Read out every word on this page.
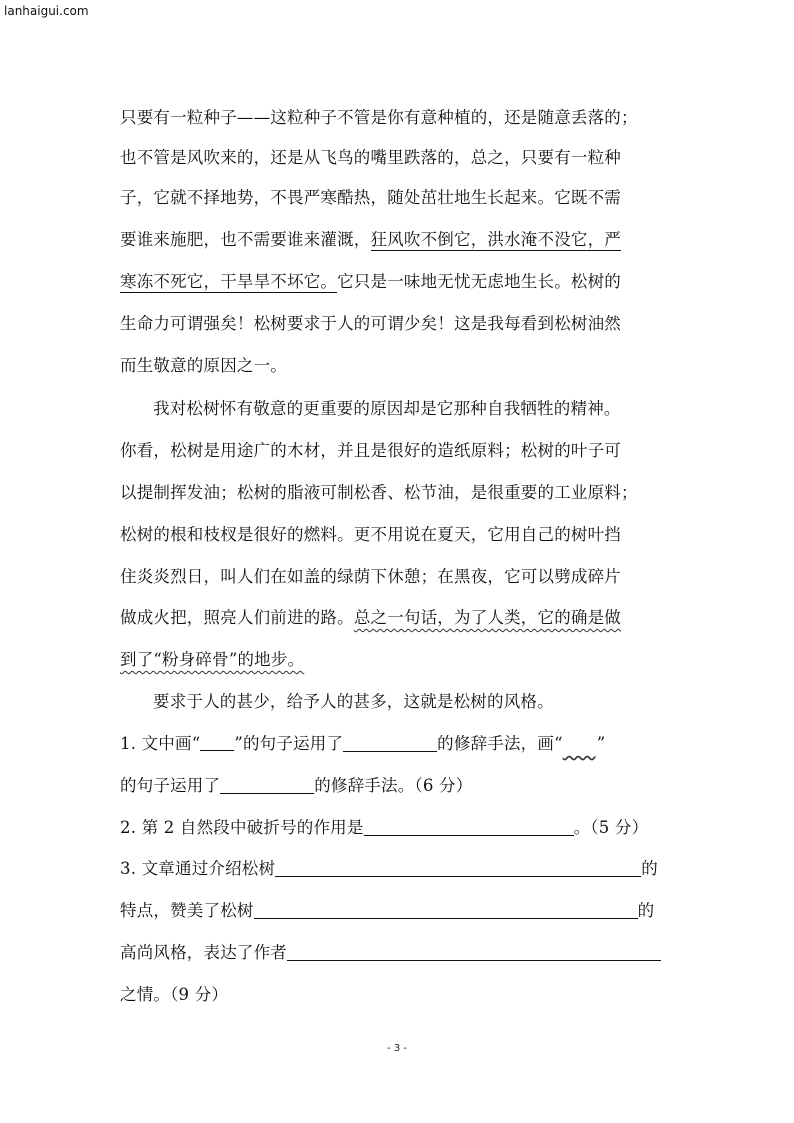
lanhaigui.com
只要有一粒种子——这粒种子不管是你有意种植的，还是随意丢落的；
也不管是风吹来的，还是从飞鸟的嘴里跌落的，总之，只要有一粒种
子，它就不择地势，不畏严寒酷热，随处茁壮地生长起来。它既不需
要谁来施肥，也不需要谁来灌溉，狂风吹不倒它，洪水淹不没它，严
寒冻不死它，干旱旱不坏它。它只是一味地无忧无虑地生长。松树的
生命力可谓强矣！松树要求于人的可谓少矣！这是我每看到松树油然
而生敬意的原因之一。
我对松树怀有敬意的更重要的原因却是它那种自我牺牲的精神。
你看，松树是用途广的木材，并且是很好的造纸原料；松树的叶子可
以提制挥发油；松树的脂液可制松香、松节油，是很重要的工业原料；
松树的根和枝杈是很好的燃料。更不用说在夏天，它用自己的树叶挡
住炎炎烈日，叫人们在如盖的绿荫下休憩；在黑夜，它可以劈成碎片
做成火把，照亮人们前进的路。总之一句话，为了人类，它的确是做
到了“粉身碎骨”的地步。
要求于人的甚少，给予人的甚多，这就是松树的风格。
1. 文中画“ ”的句子运用了	的修辞手法，画“ ”
的句子运用了	的修辞手法。（6 分）
2. 第 2 自然段中破折号的作用是	。（5 分）
3. 文章通过介绍松树	的
特点，赞美了松树	的
高尚风格，表达了作者
之情。（9 分）
- 3 -
